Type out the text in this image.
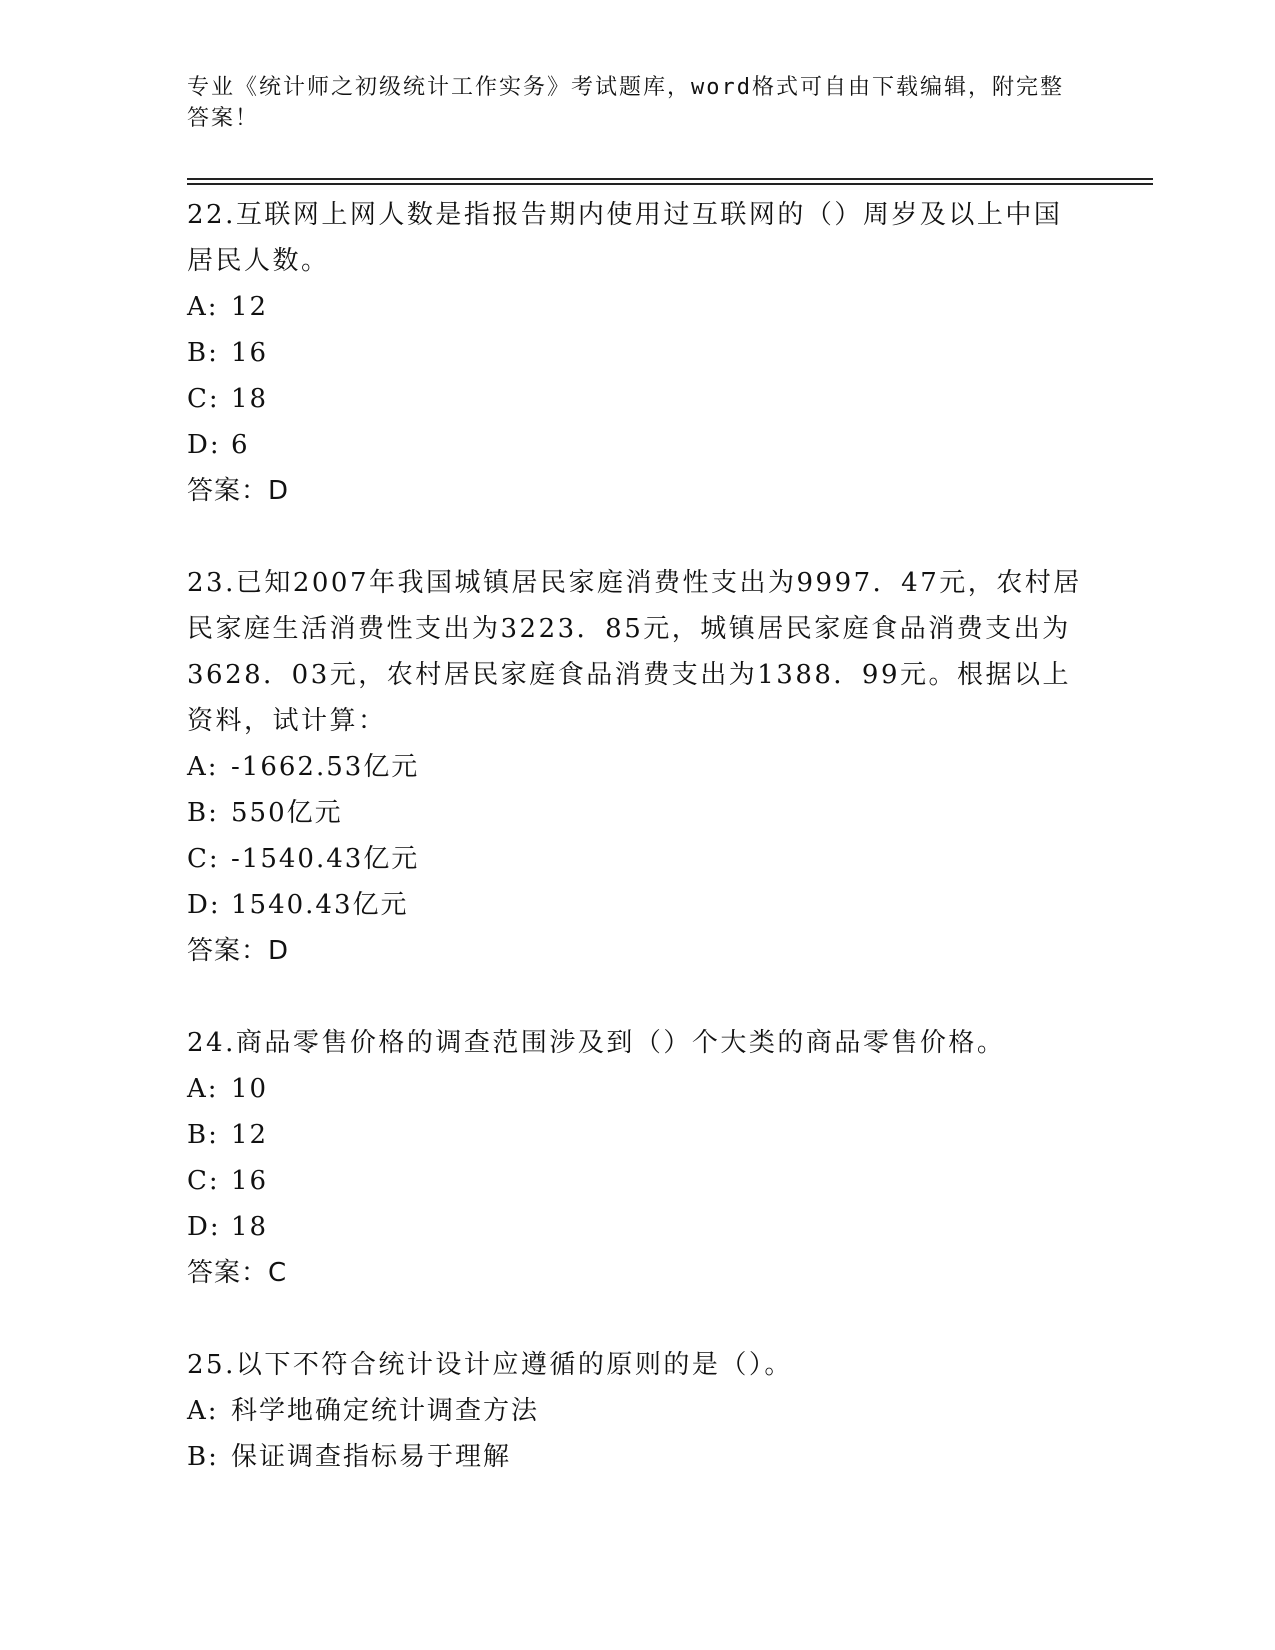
专业《统计师之初级统计工作实务》考试题库，word格式可自由下载编辑，附完整答案！

22.互联网上网人数是指报告期内使用过互联网的（）周岁及以上中国居民人数。

A: 12

B: 16

C: 18

D: 6

答案：D

23.已知2007年我国城镇居民家庭消费性支出为9997．47元，农村居民家庭生活消费性支出为3223．85元，城镇居民家庭食品消费支出为3628．03元，农村居民家庭食品消费支出为1388．99元。根据以上资料，试计算：

A: -1662.53亿元

B: 550亿元

C: -1540.43亿元

D: 1540.43亿元

答案：D

24.商品零售价格的调查范围涉及到（）个大类的商品零售价格。

A: 10

B: 12

C: 16

D: 18

答案：C

25.以下不符合统计设计应遵循的原则的是（）。

A: 科学地确定统计调查方法

B: 保证调查指标易于理解
